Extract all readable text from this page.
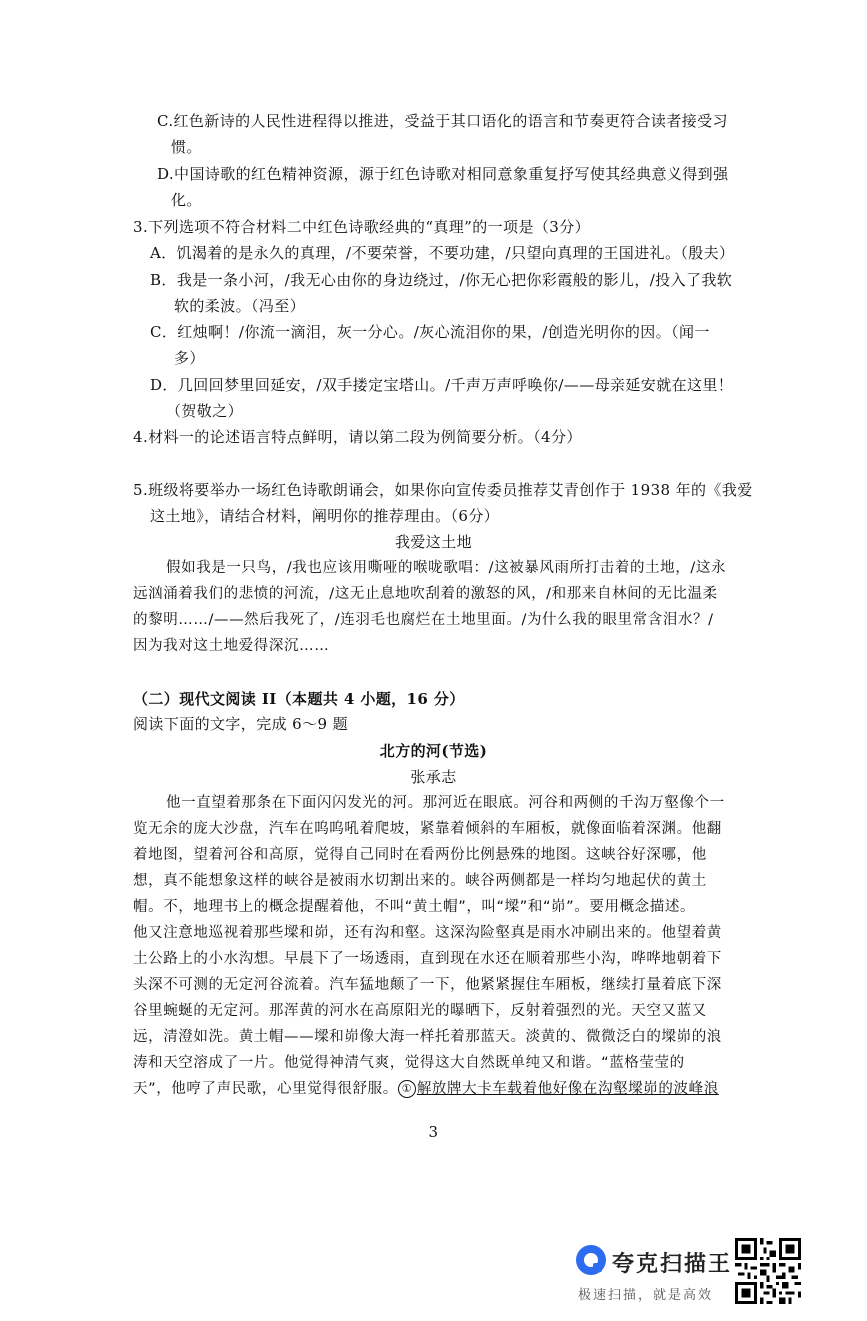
C.红色新诗的人民性进程得以推进，受益于其口语化的语言和节奏更符合读者接受习
惯。
D.中国诗歌的红色精神资源，源于红色诗歌对相同意象重复抒写使其经典意义得到强
化。
3.下列选项不符合材料二中红色诗歌经典的“真理”的一项是（3分）
A．饥渴着的是永久的真理，/不要荣誉，不要功建，/只望向真理的王国进礼。（殷夫）
B．我是一条小河，/我无心由你的身边绕过，/你无心把你彩霞般的影儿，/投入了我软
软的柔波。（冯至）
C．红烛啊！/你流一滴泪，灰一分心。/灰心流泪你的果，/创造光明你的因。（闻一
多）
D．几回回梦里回延安，/双手搂定宝塔山。/千声万声呼唤你/——母亲延安就在这里！
（贺敬之）
4.材料一的论述语言特点鲜明，请以第二段为例简要分析。（4分）
5.班级将要举办一场红色诗歌朗诵会，如果你向宣传委员推荐艾青创作于 1938 年的《我爱
这土地》，请结合材料，阐明你的推荐理由。（6分）
我爱这土地
假如我是一只鸟，/我也应该用嘶哑的喉咙歌唱：/这被暴风雨所打击着的土地，/这永
远汹涌着我们的悲愤的河流，/这无止息地吹刮着的激怒的风，/和那来自林间的无比温柔
的黎明……/——然后我死了，/连羽毛也腐烂在土地里面。/为什么我的眼里常含泪水？/
因为我对这土地爱得深沉……
（二）现代文阅读 II（本题共 4 小题，16 分）
阅读下面的文字，完成 6～9 题
北方的河(节选)
张承志
他一直望着那条在下面闪闪发光的河。那河近在眼底。河谷和两侧的千沟万壑像个一
览无余的庞大沙盘，汽车在呜呜吼着爬坡，紧靠着倾斜的车厢板，就像面临着深渊。他翻
着地图，望着河谷和高原，觉得自己同时在看两份比例悬殊的地图。这峡谷好深哪，他
想，真不能想象这样的峡谷是被雨水切割出来的。峡谷两侧都是一样均匀地起伏的黄土
帽。不，地理书上的概念提醒着他，不叫“黄土帽”，叫“墚”和“峁”。要用概念描述。
他又注意地巡视着那些墚和峁，还有沟和壑。这深沟险壑真是雨水冲刷出来的。他望着黄
土公路上的小水沟想。早晨下了一场透雨，直到现在水还在顺着那些小沟，哗哗地朝着下
头深不可测的无定河谷流着。汽车猛地颠了一下，他紧紧握住车厢板，继续打量着底下深
谷里蜿蜒的无定河。那浑黄的河水在高原阳光的曝晒下，反射着强烈的光。天空又蓝又
远，清澄如洗。黄土帽——墚和峁像大海一样托着那蓝天。淡黄的、微微泛白的墚峁的浪
涛和天空溶成了一片。他觉得神清气爽，觉得这大自然既单纯又和谐。“蓝格莹莹的
天”，他哼了声民歌，心里觉得很舒服。 ① 解放牌大卡车载着他好像在沟壑墚峁的波峰浪
3
夸克扫描王
极速扫描，就是高效
